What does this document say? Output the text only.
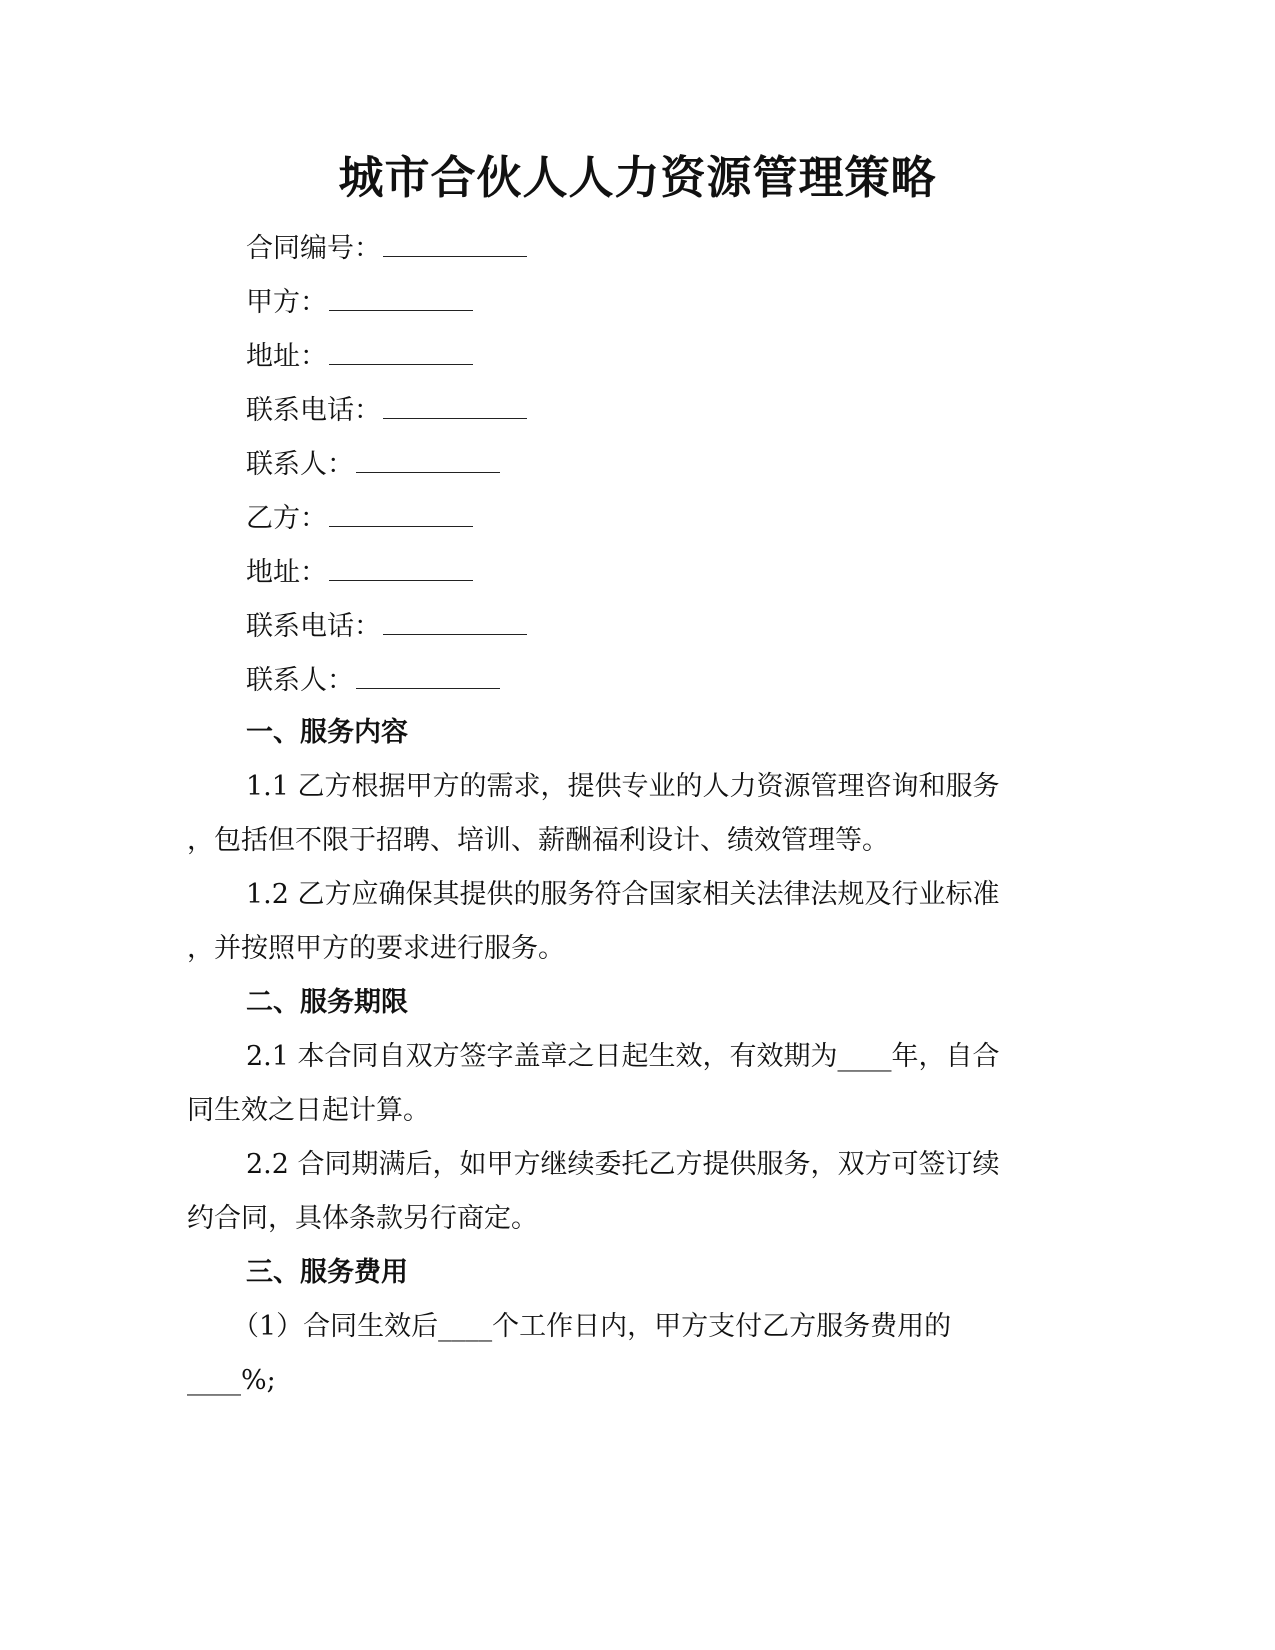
城市合伙人人力资源管理策略
合同编号：
甲方：
地址：
联系电话：
联系人：
乙方：
地址：
联系电话：
联系人：
一、服务内容
1.1 乙方根据甲方的需求，提供专业的人力资源管理咨询和服务
，包括但不限于招聘、培训、薪酬福利设计、绩效管理等。
1.2 乙方应确保其提供的服务符合国家相关法律法规及行业标准
，并按照甲方的要求进行服务。
二、服务期限
2.1 本合同自双方签字盖章之日起生效，有效期为____年，自合
同生效之日起计算。
2.2 合同期满后，如甲方继续委托乙方提供服务，双方可签订续
约合同，具体条款另行商定。
三、服务费用
（1）合同生效后____个工作日内，甲方支付乙方服务费用的
____%;
